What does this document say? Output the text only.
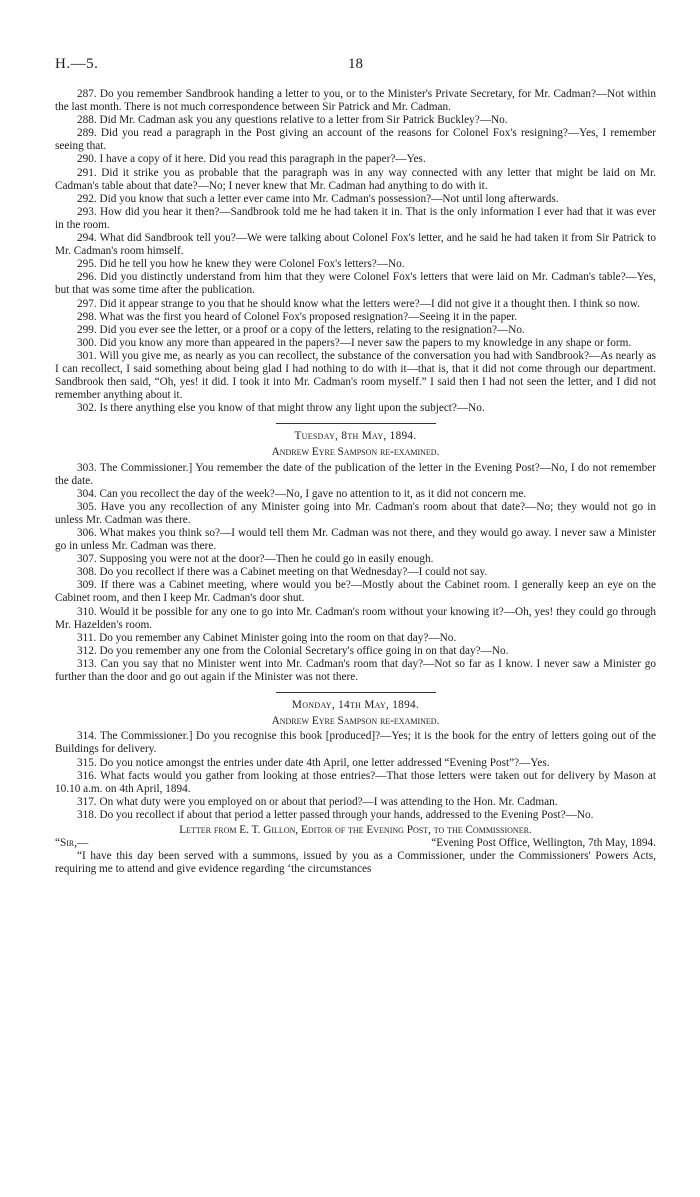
H.—5.	18

287. Do you remember Sandbrook handing a letter to you, or to the Minister's Private Secretary, for Mr. Cadman?—Not within the last month. There is not much correspondence between Sir Patrick and Mr. Cadman.

288. Did Mr. Cadman ask you any questions relative to a letter from Sir Patrick Buckley?—No.

289. Did you read a paragraph in the Post giving an account of the reasons for Colonel Fox's resigning?—Yes, I remember seeing that.

290. I have a copy of it here. Did you read this paragraph in the paper?—Yes.

291. Did it strike you as probable that the paragraph was in any way connected with any letter that might be laid on Mr. Cadman's table about that date?—No; I never knew that Mr. Cadman had anything to do with it.

292. Did you know that such a letter ever came into Mr. Cadman's possession?—Not until long afterwards.

293. How did you hear it then?—Sandbrook told me he had taken it in. That is the only information I ever had that it was ever in the room.

294. What did Sandbrook tell you?—We were talking about Colonel Fox's letter, and he said he had taken it from Sir Patrick to Mr. Cadman's room himself.

295. Did he tell you how he knew they were Colonel Fox's letters?—No.

296. Did you distinctly understand from him that they were Colonel Fox's letters that were laid on Mr. Cadman's table?—Yes, but that was some time after the publication.

297. Did it appear strange to you that he should know what the letters were?—I did not give it a thought then. I think so now.

298. What was the first you heard of Colonel Fox's proposed resignation?—Seeing it in the paper.

299. Did you ever see the letter, or a proof or a copy of the letters, relating to the resignation?—No.

300. Did you know any more than appeared in the papers?—I never saw the papers to my knowledge in any shape or form.

301. Will you give me, as nearly as you can recollect, the substance of the conversation you had with Sandbrook?—As nearly as I can recollect, I said something about being glad I had nothing to do with it—that is, that it did not come through our department. Sandbrook then said, “Oh, yes! it did. I took it into Mr. Cadman's room myself.” I said then I had not seen the letter, and I did not remember anything about it.

302. Is there anything else you know of that might throw any light upon the subject?—No.

Tuesday, 8th May, 1894.
Andrew Eyre Sampson re-examined.

303. The Commissioner.] You remember the date of the publication of the letter in the Evening Post?—No, I do not remember the date.

304. Can you recollect the day of the week?—No, I gave no attention to it, as it did not concern me.

305. Have you any recollection of any Minister going into Mr. Cadman's room about that date?—No; they would not go in unless Mr. Cadman was there.

306. What makes you think so?—I would tell them Mr. Cadman was not there, and they would go away. I never saw a Minister go in unless Mr. Cadman was there.

307. Supposing you were not at the door?—Then he could go in easily enough.

308. Do you recollect if there was a Cabinet meeting on that Wednesday?—I could not say.

309. If there was a Cabinet meeting, where would you be?—Mostly about the Cabinet room. I generally keep an eye on the Cabinet room, and then I keep Mr. Cadman's door shut.

310. Would it be possible for any one to go into Mr. Cadman's room without your knowing it?—Oh, yes! they could go through Mr. Hazelden's room.

311. Do you remember any Cabinet Minister going into the room on that day?—No.

312. Do you remember any one from the Colonial Secretary's office going in on that day?—No.

313. Can you say that no Minister went into Mr. Cadman's room that day?—Not so far as I know. I never saw a Minister go further than the door and go out again if the Minister was not there.

Monday, 14th May, 1894.
Andrew Eyre Sampson re-examined.

314. The Commissioner.] Do you recognise this book [produced]?—Yes; it is the book for the entry of letters going out of the Buildings for delivery.

315. Do you notice amongst the entries under date 4th April, one letter addressed “Evening Post”?—Yes.

316. What facts would you gather from looking at those entries?—That those letters were taken out for delivery by Mason at 10.10 a.m. on 4th April, 1894.

317. On what duty were you employed on or about that period?—I was attending to the Hon. Mr. Cadman.

318. Do you recollect if about that period a letter passed through your hands, addressed to the Evening Post?—No.

Letter from E. T. Gillon, Editor of the Evening Post, to the Commissioner.
“Sir,—	“Evening Post Office, Wellington, 7th May, 1894.

“I have this day been served with a summons, issued by you as a Commissioner, under the Commissioners' Powers Acts, requiring me to attend and give evidence regarding ‘the circumstances
